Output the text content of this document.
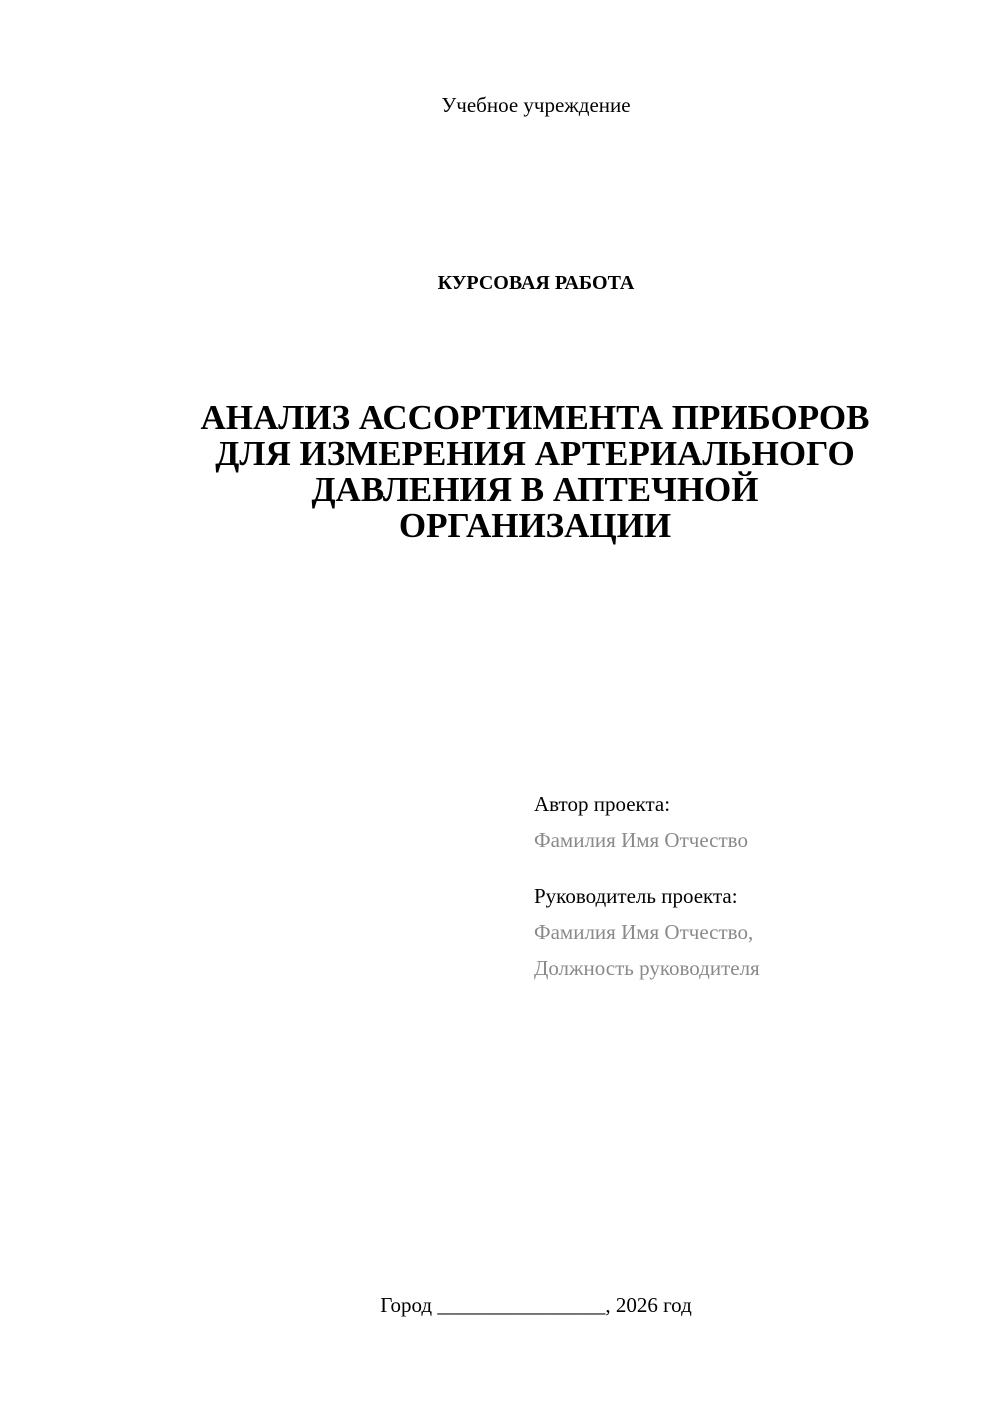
Учебное учреждение
КУРСОВАЯ РАБОТА
АНАЛИЗ АССОРТИМЕНТА ПРИБОРОВ
ДЛЯ ИЗМЕРЕНИЯ АРТЕРИАЛЬНОГО
ДАВЛЕНИЯ В АПТЕЧНОЙ
ОРГАНИЗАЦИИ
Автор проекта:
Фамилия Имя Отчество
Руководитель проекта:
Фамилия Имя Отчество,
Должность руководителя
Город ________________, 2026 год
